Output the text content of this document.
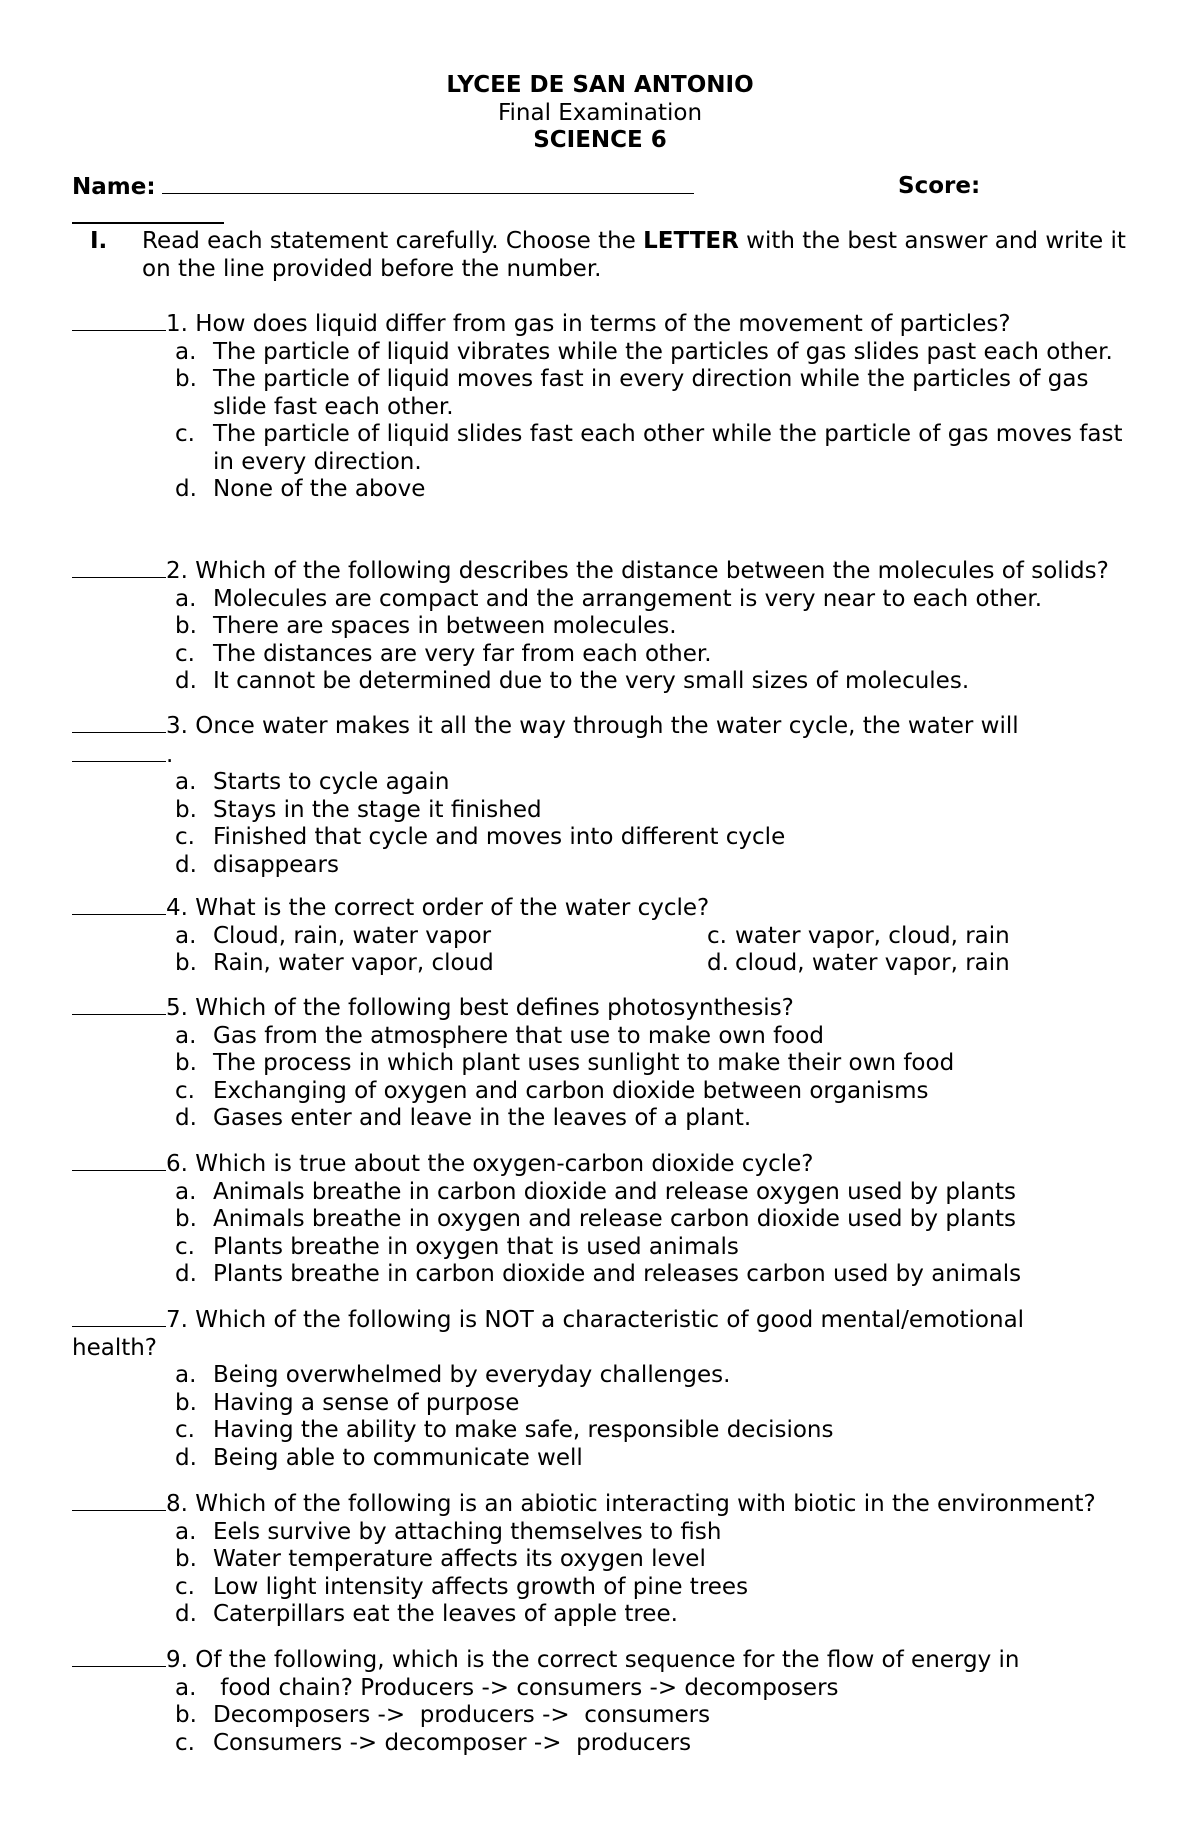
LYCEE DE SAN ANTONIO
Final Examination
SCIENCE 6
Name:	Score:
I. Read each statement carefully. Choose the LETTER with the best answer and write it on the line provided before the number.
1. How does liquid differ from gas in terms of the movement of particles?
a. The particle of liquid vibrates while the particles of gas slides past each other.
b. The particle of liquid moves fast in every direction while the particles of gas slide fast each other.
c. The particle of liquid slides fast each other while the particle of gas moves fast in every direction.
d. None of the above
2. Which of the following describes the distance between the molecules of solids?
a. Molecules are compact and the arrangement is very near to each other.
b. There are spaces in between molecules.
c. The distances are very far from each other.
d. It cannot be determined due to the very small sizes of molecules.
3. Once water makes it all the way through the water cycle, the water will
.
a. Starts to cycle again
b. Stays in the stage it finished
c. Finished that cycle and moves into different cycle
d. disappears
4. What is the correct order of the water cycle?
a. Cloud, rain, water vapor
b. Rain, water vapor, cloud
c. water vapor, cloud, rain
d. cloud, water vapor, rain
5. Which of the following best defines photosynthesis?
a. Gas from the atmosphere that use to make own food
b. The process in which plant uses sunlight to make their own food
c. Exchanging of oxygen and carbon dioxide between organisms
d. Gases enter and leave in the leaves of a plant.
6. Which is true about the oxygen-carbon dioxide cycle?
a. Animals breathe in carbon dioxide and release oxygen used by plants
b. Animals breathe in oxygen and release carbon dioxide used by plants
c. Plants breathe in oxygen that is used animals
d. Plants breathe in carbon dioxide and releases carbon used by animals
7. Which of the following is NOT a characteristic of good mental/emotional
health?
a. Being overwhelmed by everyday challenges.
b. Having a sense of purpose
c. Having the ability to make safe, responsible decisions
d. Being able to communicate well
8. Which of the following is an abiotic interacting with biotic in the environment?
a. Eels survive by attaching themselves to fish
b. Water temperature affects its oxygen level
c. Low light intensity affects growth of pine trees
d. Caterpillars eat the leaves of apple tree.
9. Of the following, which is the correct sequence for the flow of energy in
a. food chain? Producers -> consumers -> decomposers
b. Decomposers ->  producers ->  consumers
c. Consumers -> decomposer ->  producers
